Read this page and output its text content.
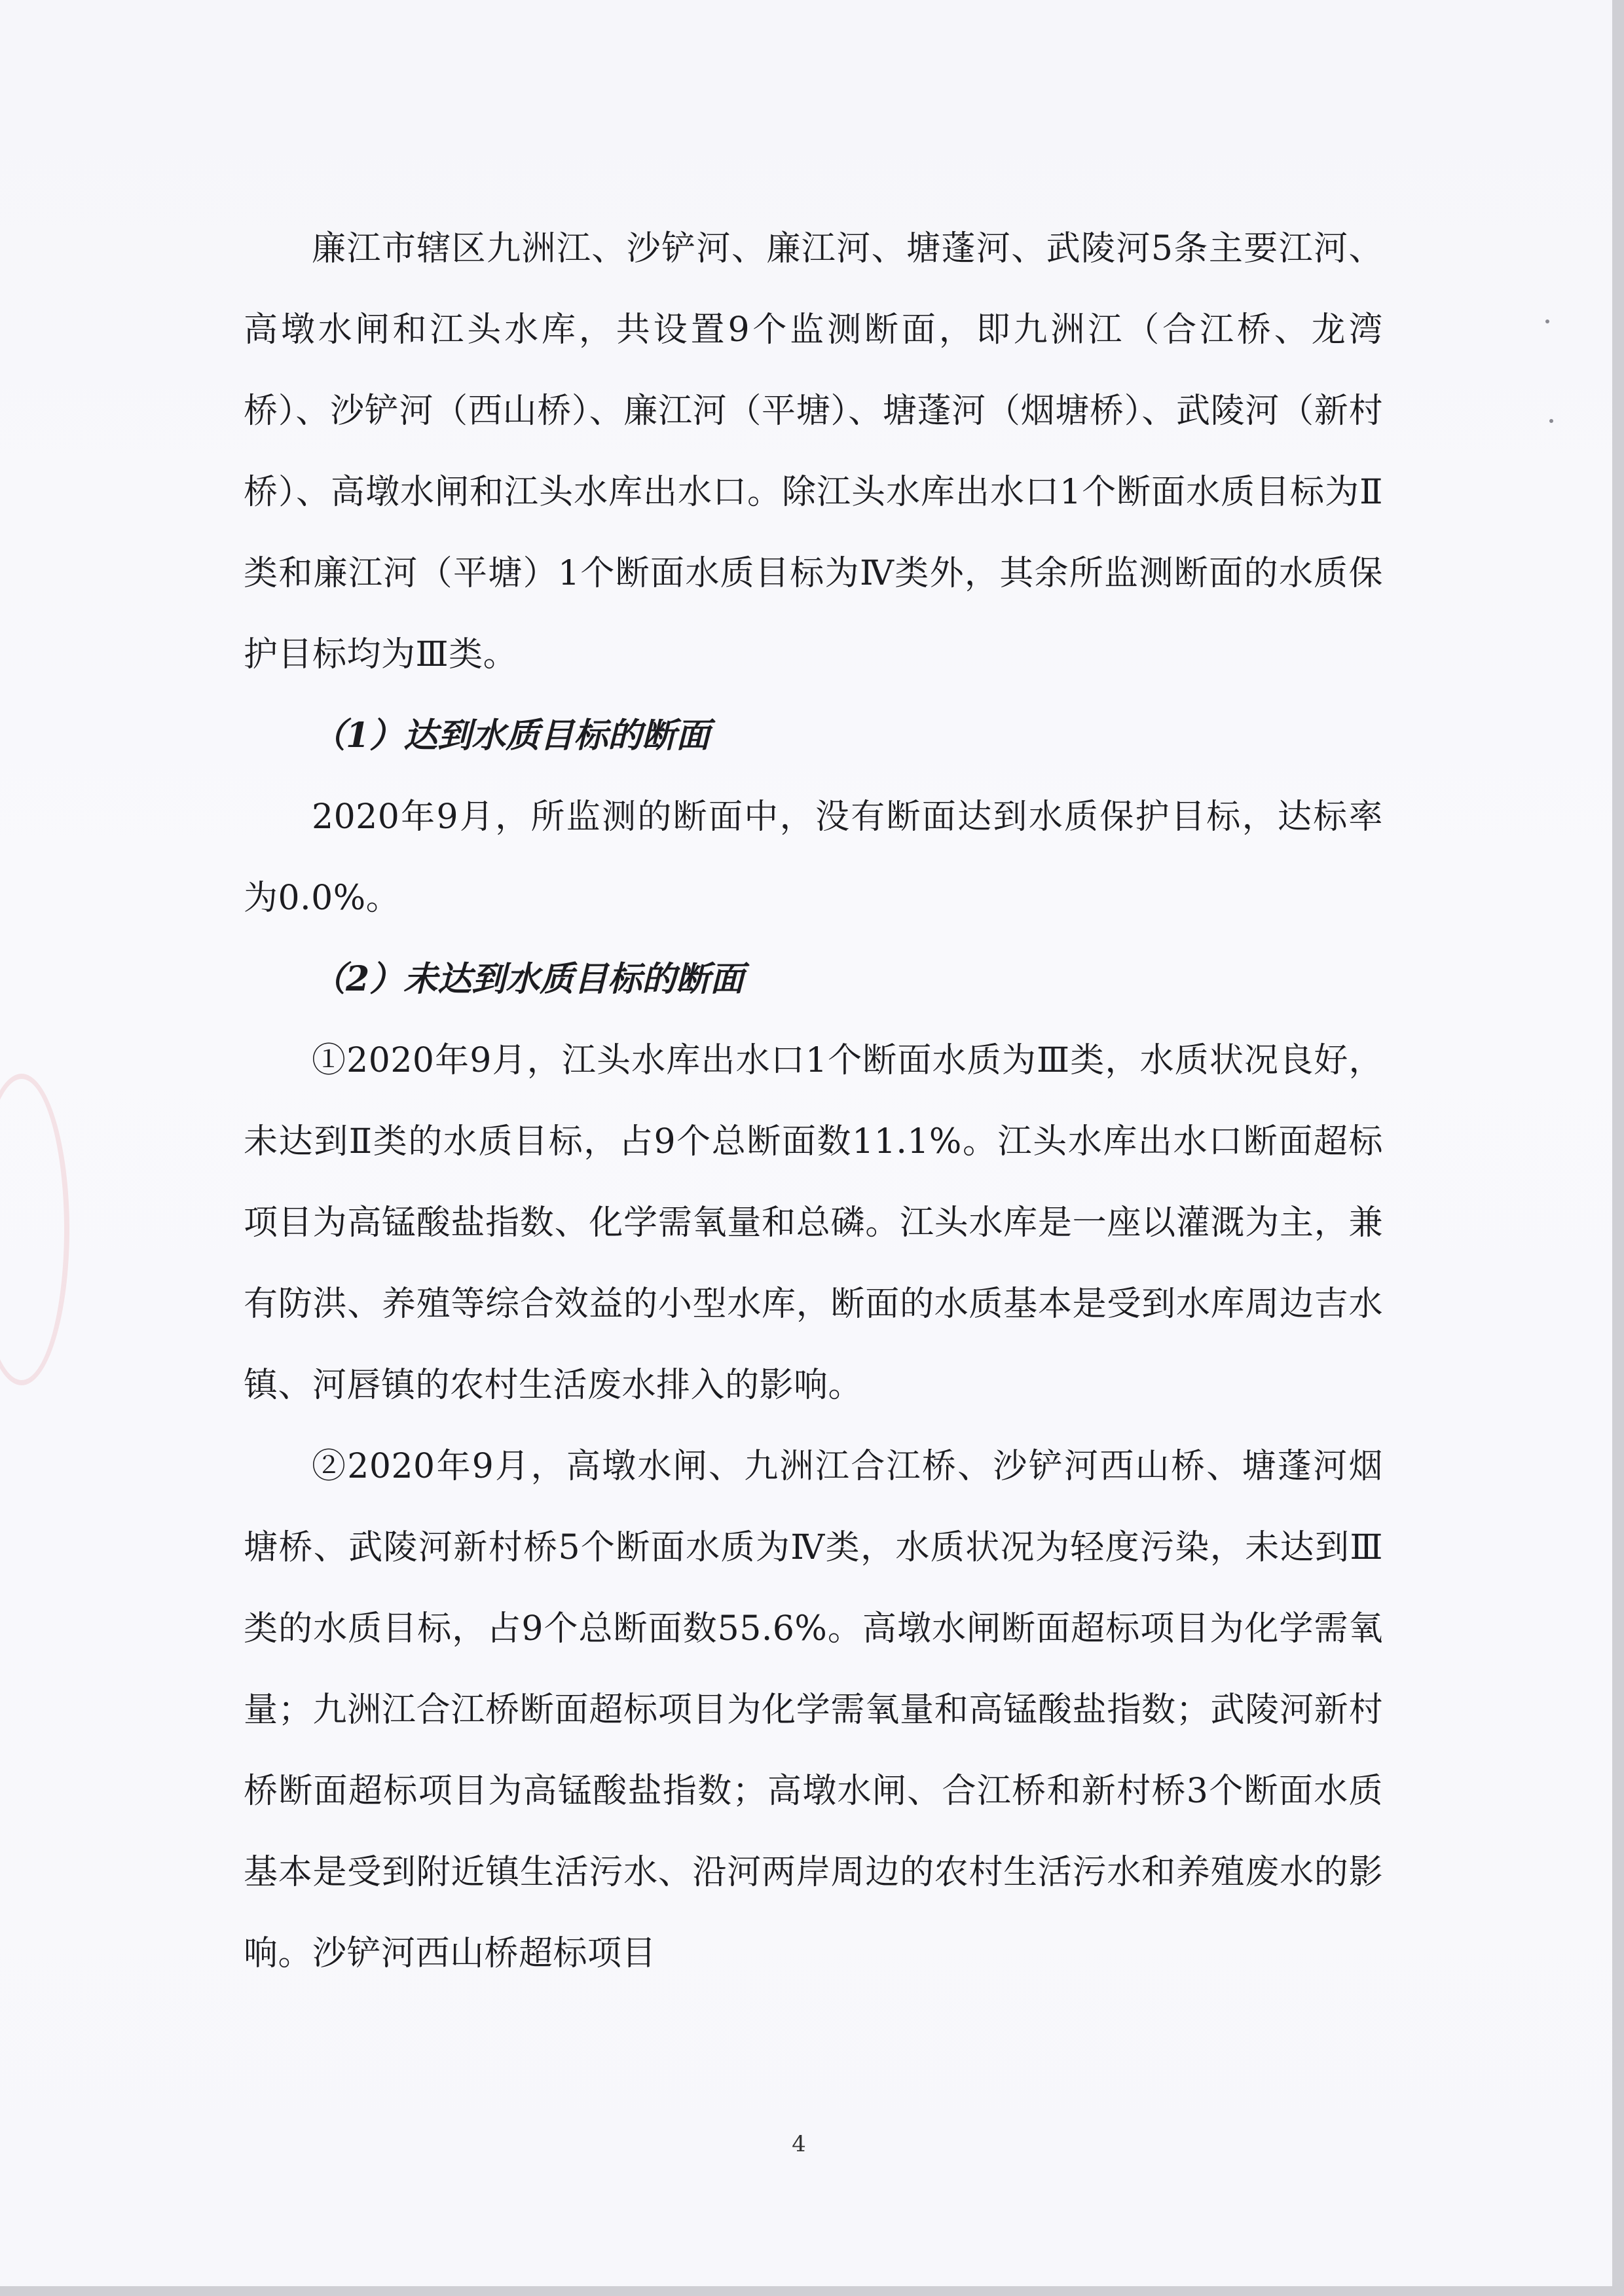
廉江市辖区九洲江、沙铲河、廉江河、塘蓬河、武陵河5条主要江河、高墩水闸和江头水库，共设置9个监测断面，即九洲江（合江桥、龙湾桥）、沙铲河（西山桥）、廉江河（平塘）、塘蓬河（烟塘桥）、武陵河（新村桥）、高墩水闸和江头水库出水口。除江头水库出水口1个断面水质目标为Ⅱ类和廉江河（平塘）1个断面水质目标为Ⅳ类外，其余所监测断面的水质保护目标均为Ⅲ类。

（1）达到水质目标的断面

2020年9月，所监测的断面中，没有断面达到水质保护目标，达标率为0.0%。

（2）未达到水质目标的断面

①2020年9月，江头水库出水口1个断面水质为Ⅲ类，水质状况良好，未达到Ⅱ类的水质目标，占9个总断面数11.1%。江头水库出水口断面超标项目为高锰酸盐指数、化学需氧量和总磷。江头水库是一座以灌溉为主，兼有防洪、养殖等综合效益的小型水库，断面的水质基本是受到水库周边吉水镇、河唇镇的农村生活废水排入的影响。

②2020年9月，高墩水闸、九洲江合江桥、沙铲河西山桥、塘蓬河烟塘桥、武陵河新村桥5个断面水质为Ⅳ类，水质状况为轻度污染，未达到Ⅲ类的水质目标，占9个总断面数55.6%。高墩水闸断面超标项目为化学需氧量；九洲江合江桥断面超标项目为化学需氧量和高锰酸盐指数；武陵河新村桥断面超标项目为高锰酸盐指数；高墩水闸、合江桥和新村桥3个断面水质基本是受到附近镇生活污水、沿河两岸周边的农村生活污水和养殖废水的影响。沙铲河西山桥超标项目

4
